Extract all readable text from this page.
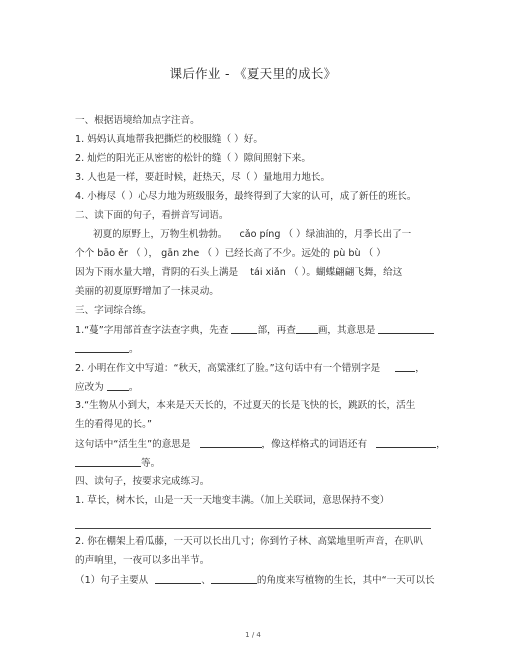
课后作业 - 《夏天里的成长》
一、根据语境给加点字注音。
1. 妈妈认真地帮我把撕烂的校服缝（ ）好。
2. 灿烂的阳光正从密密的松针的缝（ ）隙间照射下来。
3. 人也是一样，要赶时候，赶热天，尽（ ）量地用力地长。
4. 小梅尽（ ）心尽力地为班级服务，最终得到了大家的认可，成了新任的班长。
二、读下面的句子，看拼音写词语。
初夏的原野上，万物生机勃勃。 cǎo píng （ ）绿油油的，月季长出了一
个个 bāo ěr （ ）， gān zhe （ ）已经长高了不少。远处的 pù bù （ ）
因为下雨水量大增，背阴的石头上满是 tái xiǎn （ ）。蝴蝶翩翩飞舞，给这
美丽的初夏原野增加了一抹灵动。
三、字词综合练。
1.“蔓”字用部首查字法查字典，先查	部，再查 画，其意思是
。
2. 小明在作文中写道：“秋天，高粱涨红了脸。”这句话中有一个错别字是	，
应改为	。
3.“生物从小到大，本来是天天长的，不过夏天的长是飞快的长，跳跃的长，活生
生的看得见的长。”
这句话中“活生生”的意思是	，像这样格式的词语还有	，
等。
四、读句子，按要求完成练习。
1. 草长，树木长，山是一天一天地变丰满。（加上关联词，意思保持不变）
2. 你在棚架上看瓜藤，一天可以长出几寸；你到竹子林、高粱地里听声音，在叭叭
的声响里，一夜可以多出半节。
（1）句子主要从	、	的角度来写植物的生长，其中“一天可以长
1 / 4
